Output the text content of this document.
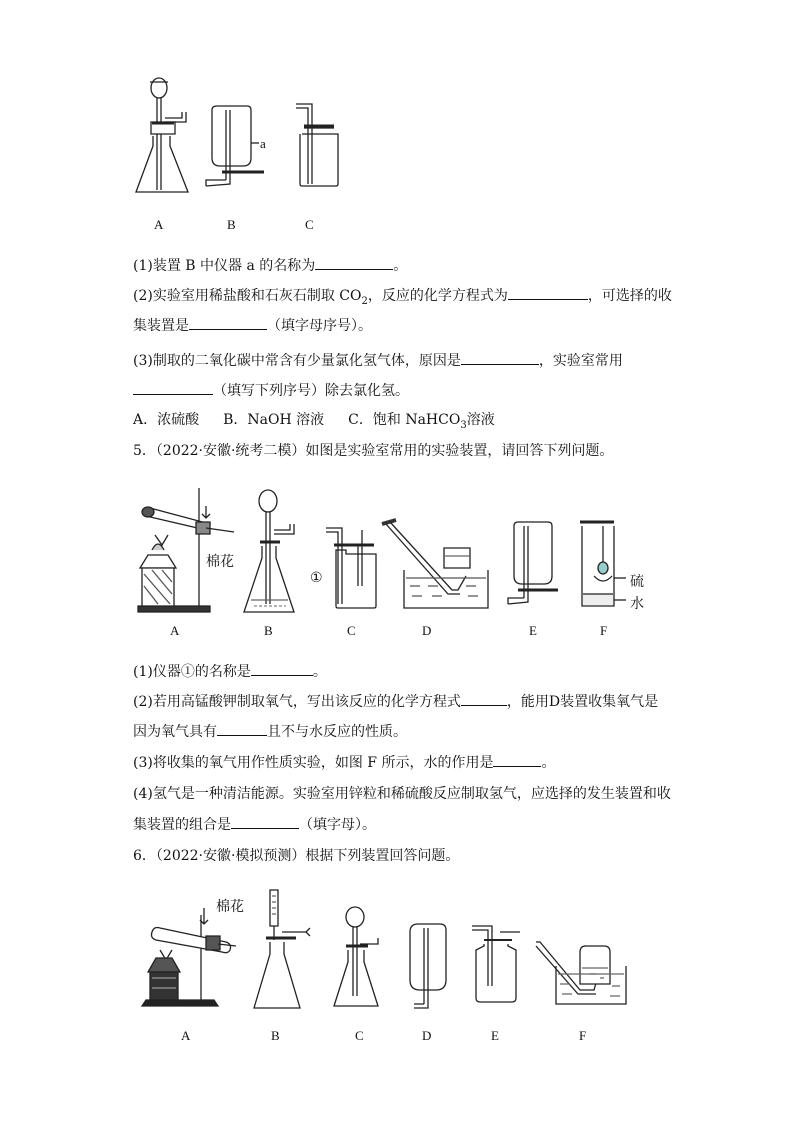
A	B	C
a
(1)装置 B 中仪器 a 的名称为	。
(2)实验室用稀盐酸和石灰石制取 $CO_2$，反应的化学方程式为	，可选择的收
集装置是	（填字母序号）。
(3)制取的二氧化碳中常含有少量氯化氢气体，原因是	，实验室常用
（填写下列序号）除去氯化氢。
A．浓硫酸 B．NaOH 溶液 C．饱和 NaHCO$_3$溶液
5．（2022·安徽·统考二模）如图是实验室常用的实验装置，请回答下列问题。
棉花
①	硫
水
A	B	C	D	E	F
(1)仪器①的名称是	。
(2)若用高锰酸钾制取氧气，写出该反应的化学方程式	，能用D装置收集氧气是
因为氧气具有	且不与水反应的性质。
(3)将收集的氧气用作性质实验，如图 F 所示，水的作用是	。
(4)氢气是一种清洁能源。实验室用锌粒和稀硫酸反应制取氢气，应选择的发生装置和收
集装置的组合是	（填字母）。
6．（2022·安徽·模拟预测）根据下列装置回答问题。
棉花
A	B	C	D	E	F
